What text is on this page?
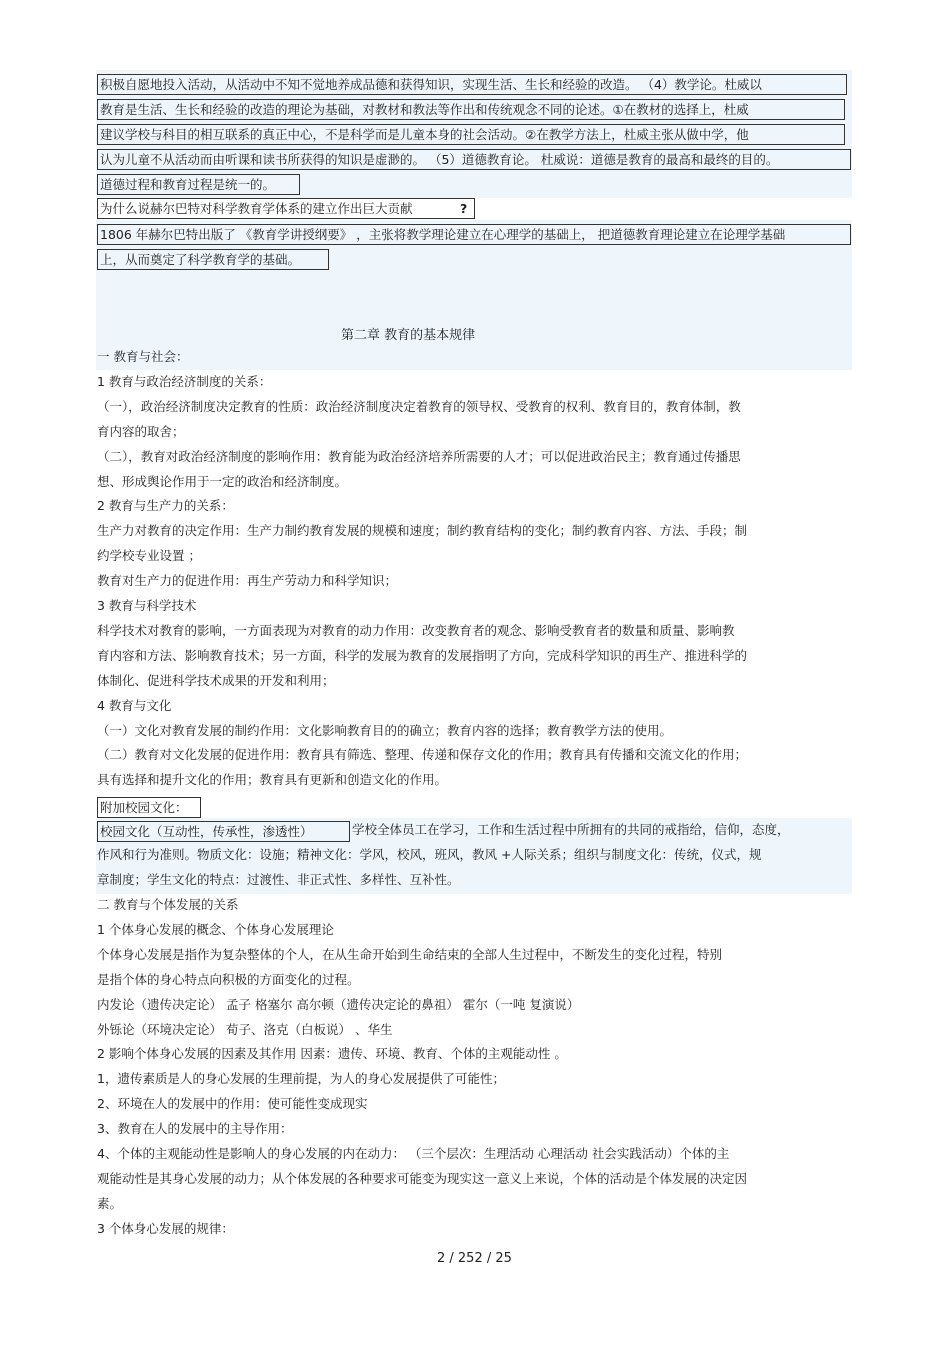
积极自愿地投入活动，从活动中不知不觉地养成品德和获得知识，实现生活、生长和经验的改造。 （4）教学论。杜威以
教育是生活、生长和经验的改造的理论为基础，对教材和教法等作出和传统观念不同的论述。①在教材的选择上，杜威
建议学校与科目的相互联系的真正中心，不是科学而是儿童本身的社会活动。②在教学方法上，杜威主张从做中学，他
认为儿童不从活动而由听课和读书所获得的知识是虚渺的。 （5）道德教育论。 杜威说：道德是教育的最高和最终的目的。
道德过程和教育过程是统一的。
为什么说赫尔巴特对科学教育学体系的建立作出巨大贡献	?
1806 年赫尔巴特出版了 《教育学讲授纲要》 ，主张将教学理论建立在心理学的基础上， 把道德教育理论建立在论理学基础
上，从而奠定了科学教育学的基础。
第二章 教育的基本规律
一 教育与社会：
1 教育与政治经济制度的关系：
（一），政治经济制度决定教育的性质：政治经济制度决定着教育的领导权、受教育的权利、教育目的，教育体制，教
育内容的取舍；
（二），教育对政治经济制度的影响作用：教育能为政治经济培养所需要的人才；可以促进政治民主；教育通过传播思
想、形成舆论作用于一定的政治和经济制度。
2 教育与生产力的关系：
生产力对教育的决定作用：生产力制约教育发展的规模和速度；制约教育结构的变化；制约教育内容、方法、手段；制
约学校专业设置 ；
教育对生产力的促进作用：再生产劳动力和科学知识；
3 教育与科学技术
科学技术对教育的影响，一方面表现为对教育的动力作用：改变教育者的观念、影响受教育者的数量和质量、影响教
育内容和方法、影响教育技术；另一方面，科学的发展为教育的发展指明了方向，完成科学知识的再生产、推进科学的
体制化、促进科学技术成果的开发和利用；
4 教育与文化
（一）文化对教育发展的制约作用：文化影响教育目的的确立；教育内容的选择；教育教学方法的使用。
（二）教育对文化发展的促进作用：教育具有筛选、整理、传递和保存文化的作用；教育具有传播和交流文化的作用；
具有选择和提升文化的作用；教育具有更新和创造文化的作用。
附加校园文化：
校园文化（互动性，传承性，渗透性）	学校全体员工在学习，工作和生活过程中所拥有的共同的戒指给，信仰，态度，
作风和行为准则。物质文化：设施；精神文化：学风，校风，班风，教风 +人际关系；组织与制度文化：传统，仪式，规
章制度；学生文化的特点：过渡性、非正式性、多样性、互补性。
二 教育与个体发展的关系
1 个体身心发展的概念、个体身心发展理论
个体身心发展是指作为复杂整体的个人，在从生命开始到生命结束的全部人生过程中，不断发生的变化过程，特别
是指个体的身心特点向积极的方面变化的过程。
内发论（遗传决定论） 孟子 格塞尔 高尔顿（遗传决定论的鼻祖） 霍尔（一吨 复演说）
外铄论（环境决定论） 荀子、洛克（白板说） 、华生
2 影响个体身心发展的因素及其作用 因素：遗传、环境、教育、个体的主观能动性 。
1，遗传素质是人的身心发展的生理前提，为人的身心发展提供了可能性；
2、环境在人的发展中的作用：使可能性变成现实
3、教育在人的发展中的主导作用：
4、个体的主观能动性是影响人的身心发展的内在动力： （三个层次：生理活动 心理活动 社会实践活动）个体的主
观能动性是其身心发展的动力；从个体发展的各种要求可能变为现实这一意义上来说，个体的活动是个体发展的决定因
素。
3 个体身心发展的规律：
2 / 252 / 25
